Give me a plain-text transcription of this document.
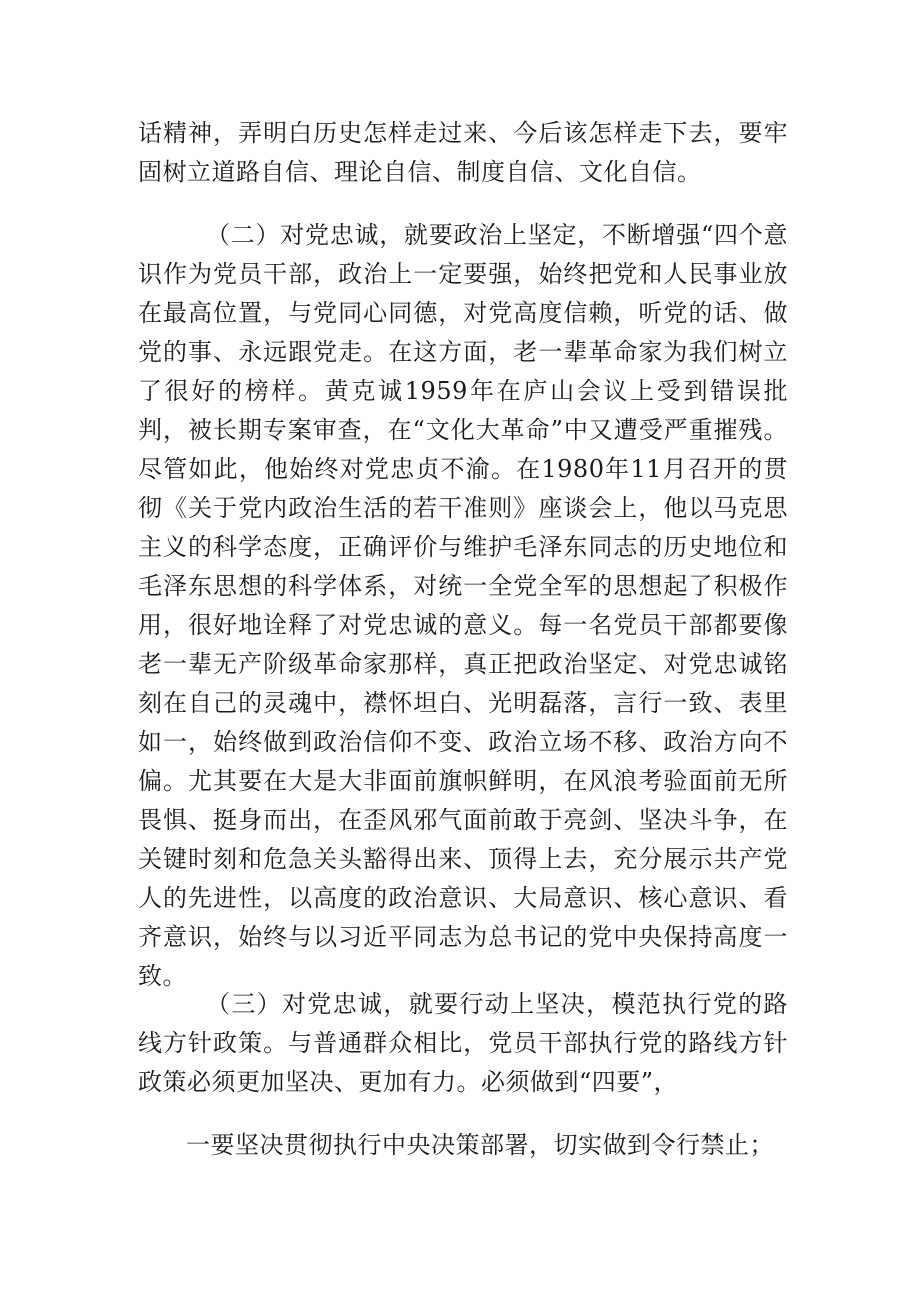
话精神，弄明白历史怎样走过来、今后该怎样走下去，要牢固树立道路自信、理论自信、制度自信、文化自信。

（二）对党忠诚，就要政治上坚定，不断增强“四个意识作为党员干部，政治上一定要强，始终把党和人民事业放在最高位置，与党同心同德，对党高度信赖，听党的话、做党的事、永远跟党走。在这方面，老一辈革命家为我们树立了很好的榜样。黄克诚1959年在庐山会议上受到错误批判，被长期专案审查，在“文化大革命”中又遭受严重摧残。尽管如此，他始终对党忠贞不渝。在1980年11月召开的贯彻《关于党内政治生活的若干准则》座谈会上，他以马克思主义的科学态度，正确评价与维护毛泽东同志的历史地位和毛泽东思想的科学体系，对统一全党全军的思想起了积极作用，很好地诠释了对党忠诚的意义。每一名党员干部都要像老一辈无产阶级革命家那样，真正把政治坚定、对党忠诚铭刻在自己的灵魂中，襟怀坦白、光明磊落，言行一致、表里如一，始终做到政治信仰不变、政治立场不移、政治方向不偏。尤其要在大是大非面前旗帜鲜明，在风浪考验面前无所畏惧、挺身而出，在歪风邪气面前敢于亮剑、坚决斗争，在关键时刻和危急关头豁得出来、顶得上去，充分展示共产党人的先进性，以高度的政治意识、大局意识、核心意识、看齐意识，始终与以习近平同志为总书记的党中央保持高度一致。

（三）对党忠诚，就要行动上坚决，模范执行党的路线方针政策。与普通群众相比，党员干部执行党的路线方针政策必须更加坚决、更加有力。必须做到“四要”，

一要坚决贯彻执行中央决策部署，切实做到令行禁止；
